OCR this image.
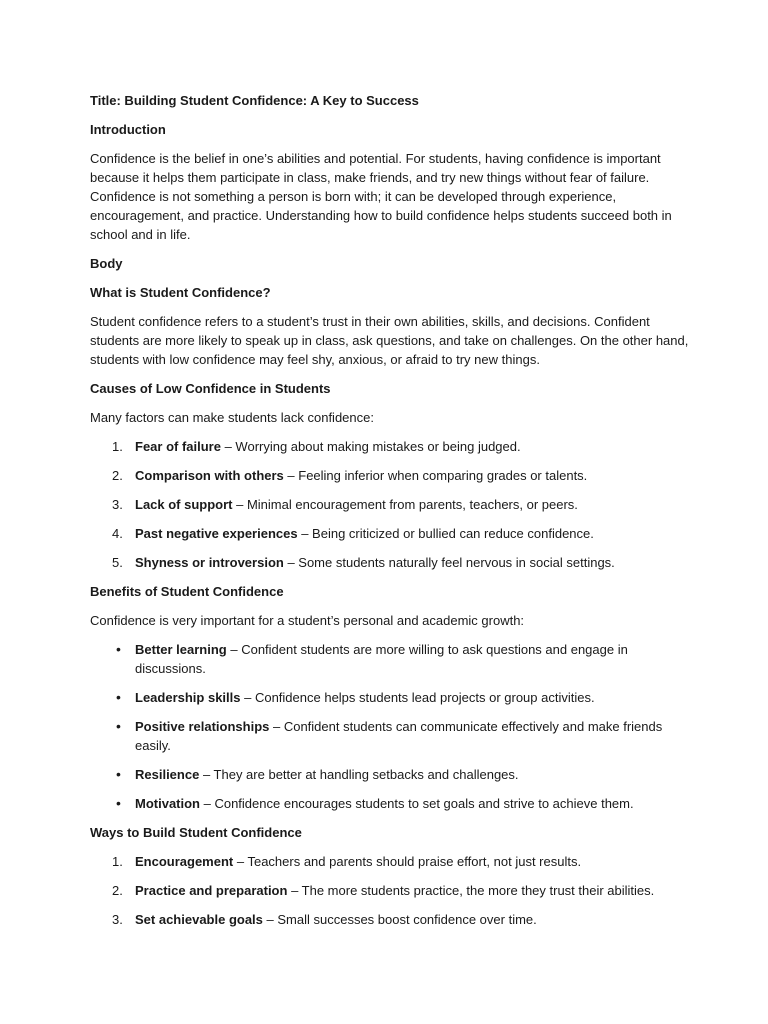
Title: Building Student Confidence: A Key to Success

Introduction

Confidence is the belief in one’s abilities and potential. For students, having confidence is important because it helps them participate in class, make friends, and try new things without fear of failure. Confidence is not something a person is born with; it can be developed through experience, encouragement, and practice. Understanding how to build confidence helps students succeed both in school and in life.

Body

What is Student Confidence?

Student confidence refers to a student’s trust in their own abilities, skills, and decisions. Confident students are more likely to speak up in class, ask questions, and take on challenges. On the other hand, students with low confidence may feel shy, anxious, or afraid to try new things.

Causes of Low Confidence in Students

Many factors can make students lack confidence:

1. Fear of failure – Worrying about making mistakes or being judged.
2. Comparison with others – Feeling inferior when comparing grades or talents.
3. Lack of support – Minimal encouragement from parents, teachers, or peers.
4. Past negative experiences – Being criticized or bullied can reduce confidence.
5. Shyness or introversion – Some students naturally feel nervous in social settings.

Benefits of Student Confidence

Confidence is very important for a student’s personal and academic growth:

• Better learning – Confident students are more willing to ask questions and engage in discussions.
• Leadership skills – Confidence helps students lead projects or group activities.
• Positive relationships – Confident students can communicate effectively and make friends easily.
• Resilience – They are better at handling setbacks and challenges.
• Motivation – Confidence encourages students to set goals and strive to achieve them.

Ways to Build Student Confidence

1. Encouragement – Teachers and parents should praise effort, not just results.
2. Practice and preparation – The more students practice, the more they trust their abilities.
3. Set achievable goals – Small successes boost confidence over time.
